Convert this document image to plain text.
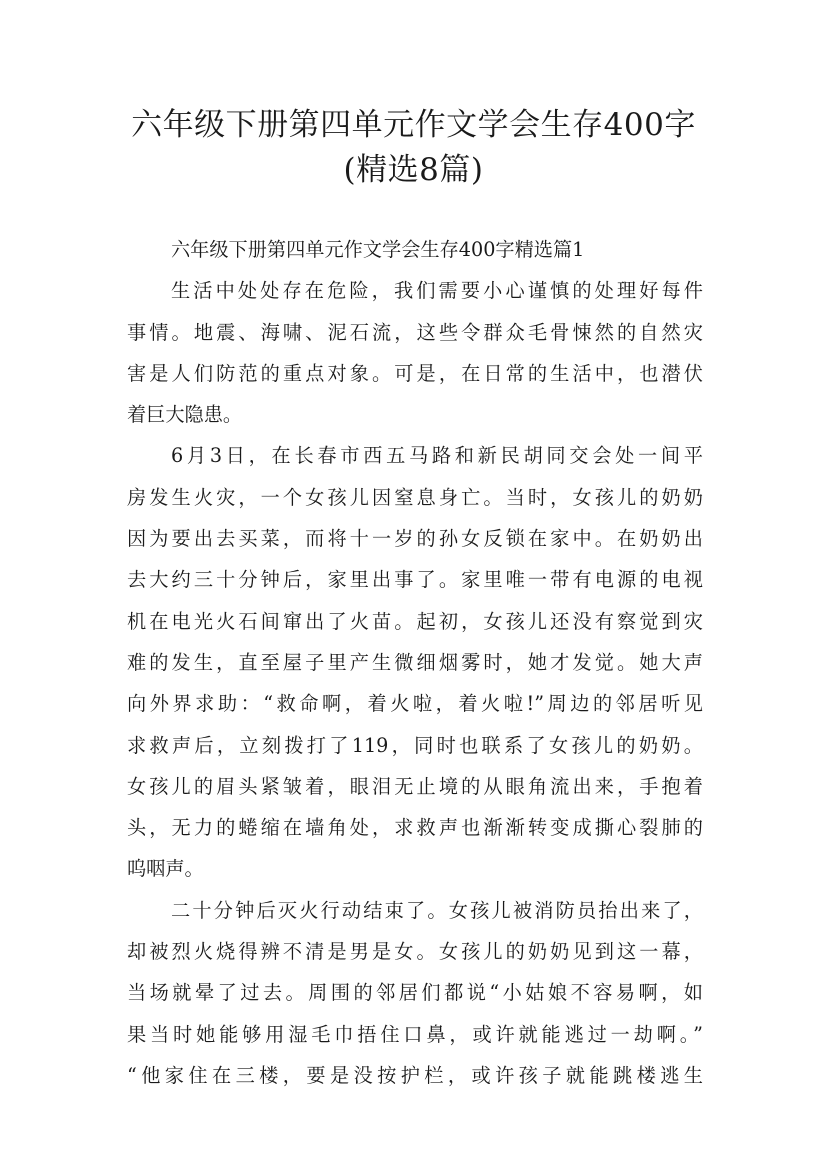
六年级下册第四单元作文学会生存400字
(精选8篇)
六年级下册第四单元作文学会生存400字精选篇1
生活中处处存在危险，我们需要小心谨慎的处理好每件
事情。地震、海啸、泥石流，这些令群众毛骨悚然的自然灾
害是人们防范的重点对象。可是，在日常的生活中，也潜伏
着巨大隐患。
6月3日，在长春市西五马路和新民胡同交会处一间平
房发生火灾，一个女孩儿因窒息身亡。当时，女孩儿的奶奶
因为要出去买菜，而将十一岁的孙女反锁在家中。在奶奶出
去大约三十分钟后，家里出事了。家里唯一带有电源的电视
机在电光火石间窜出了火苗。起初，女孩儿还没有察觉到灾
难的发生，直至屋子里产生微细烟雾时，她才发觉。她大声
向外界求助：“救命啊，着火啦，着火啦!”周边的邻居听见
求救声后，立刻拨打了119，同时也联系了女孩儿的奶奶。
女孩儿的眉头紧皱着，眼泪无止境的从眼角流出来，手抱着
头，无力的蜷缩在墙角处，求救声也渐渐转变成撕心裂肺的
呜咽声。
二十分钟后灭火行动结束了。女孩儿被消防员抬出来了，
却被烈火烧得辨不清是男是女。女孩儿的奶奶见到这一幕，
当场就晕了过去。周围的邻居们都说“小姑娘不容易啊，如
果当时她能够用湿毛巾捂住口鼻，或许就能逃过一劫啊。”
“他家住在三楼，要是没按护栏，或许孩子就能跳楼逃生
